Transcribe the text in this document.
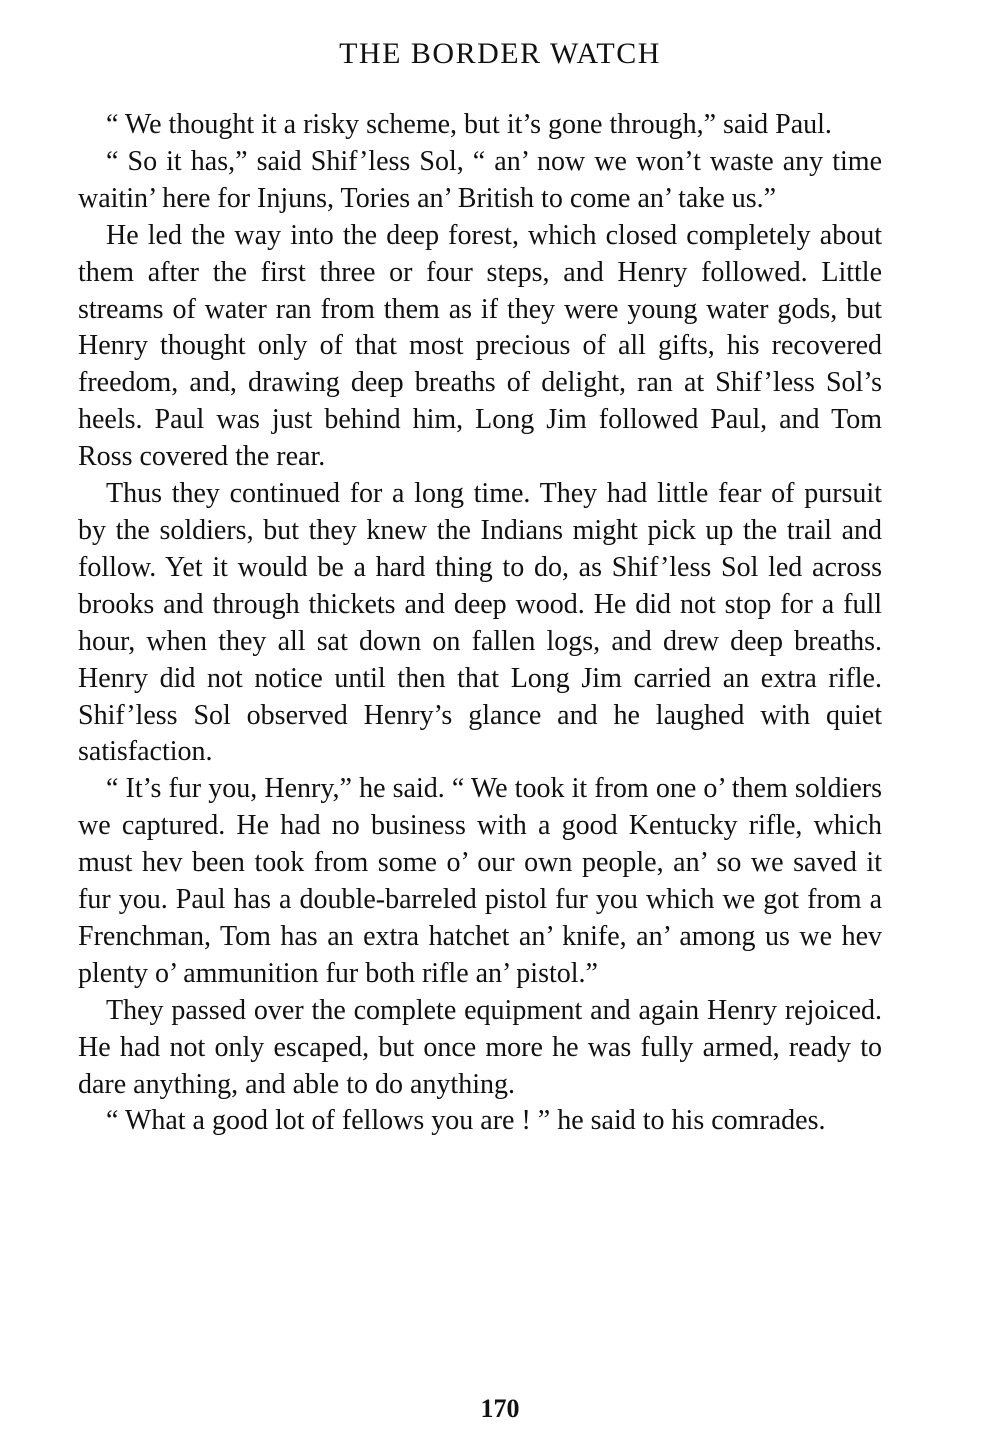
THE BORDER WATCH

“ We thought it a risky scheme, but it’s gone through,” said Paul.

“ So it has,” said Shif’less Sol, “ an’ now we won’t waste any time waitin’ here for Injuns, Tories an’ British to come an’ take us.”

He led the way into the deep forest, which closed completely about them after the first three or four steps, and Henry followed. Little streams of water ran from them as if they were young water gods, but Henry thought only of that most precious of all gifts, his recovered freedom, and, drawing deep breaths of delight, ran at Shif’less Sol’s heels. Paul was just behind him, Long Jim followed Paul, and Tom Ross covered the rear.

Thus they continued for a long time. They had little fear of pursuit by the soldiers, but they knew the Indians might pick up the trail and follow. Yet it would be a hard thing to do, as Shif’less Sol led across brooks and through thickets and deep wood. He did not stop for a full hour, when they all sat down on fallen logs, and drew deep breaths. Henry did not notice until then that Long Jim carried an extra rifle. Shif’less Sol observed Henry’s glance and he laughed with quiet satisfaction.

“ It’s fur you, Henry,” he said. “ We took it from one o’ them soldiers we captured. He had no business with a good Kentucky rifle, which must hev been took from some o’ our own people, an’ so we saved it fur you. Paul has a double-barreled pistol fur you which we got from a Frenchman, Tom has an extra hatchet an’ knife, an’ among us we hev plenty o’ ammunition fur both rifle an’ pistol.”

They passed over the complete equipment and again Henry rejoiced. He had not only escaped, but once more he was fully armed, ready to dare anything, and able to do anything.

“ What a good lot of fellows you are ! ” he said to his comrades.

170
